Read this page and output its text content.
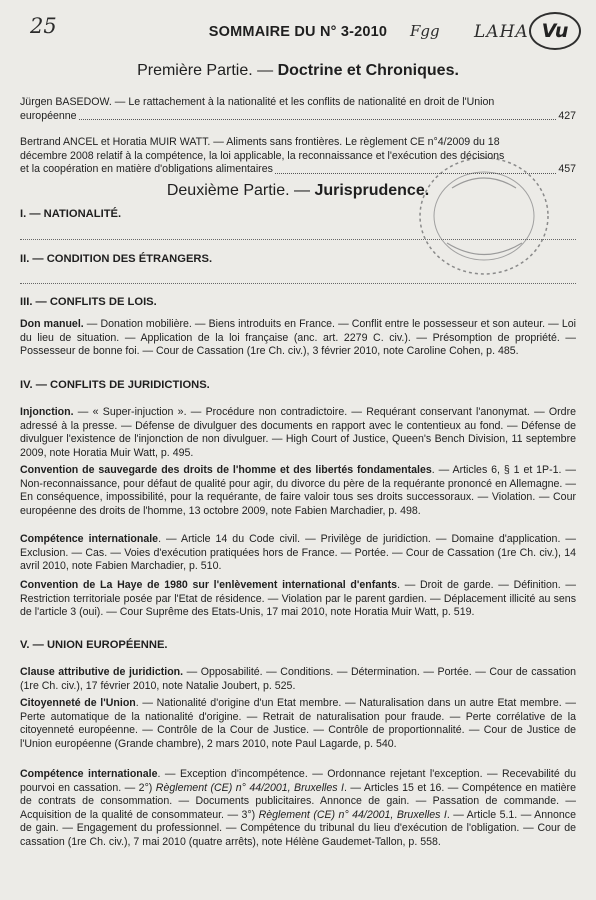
25	Fgg LAHA Vu
SOMMAIRE DU N° 3-2010
Première Partie. — Doctrine et Chroniques.
Jürgen BASEDOW. — Le rattachement à la nationalité et les conflits de nationalité en droit de l'Union
européenne	427
Bertrand ANCEL et Horatia MUIR WATT. — Aliments sans frontières. Le règlement CE n°4/2009 du 18
décembre 2008 relatif à la compétence, la loi applicable, la reconnaissance et l'exécution des décisions
et la coopération en matière d'obligations alimentaires	457
Deuxième Partie. — Jurisprudence.
I. — NATIONALITÉ.
II. — CONDITION DES ÉTRANGERS.
III. — CONFLITS DE LOIS.
Don manuel. — Donation mobilière. — Biens introduits en France. — Conflit entre le possesseur et son auteur. — Loi du lieu de situation. — Application de la loi française (anc. art. 2279 C. civ.). — Présomption de propriété. — Possesseur de bonne foi. — Cour de Cassation (1re Ch. civ.), 3 février 2010, note Caroline Cohen, p. 485.
IV. — CONFLITS DE JURIDICTIONS.
Injonction. — « Super-injuction ». — Procédure non contradictoire. — Requérant conservant l'anonymat. — Ordre adressé à la presse. — Défense de divulguer des documents en rapport avec le contentieux au fond. — Défense de divulguer l'existence de l'injonction de non divulguer. — High Court of Justice, Queen's Bench Division, 11 septembre 2009, note Horatia Muir Watt, p. 495.
Convention de sauvegarde des droits de l'homme et des libertés fondamentales. — Articles 6, § 1 et 1P-1. — Non-reconnaissance, pour défaut de qualité pour agir, du divorce du père de la requérante prononcé en Allemagne. — En conséquence, impossibilité, pour la requérante, de faire valoir tous ses droits successoraux. — Violation. — Cour européenne des droits de l'homme, 13 octobre 2009, note Fabien Marchadier, p. 498.
Compétence internationale. — Article 14 du Code civil. — Privilège de juridiction. — Domaine d'application. — Exclusion. — Cas. — Voies d'exécution pratiquées hors de France. — Portée. — Cour de Cassation (1re Ch. civ.), 14 avril 2010, note Fabien Marchadier, p. 510.
Convention de La Haye de 1980 sur l'enlèvement international d'enfants. — Droit de garde. — Définition. — Restriction territoriale posée par l'Etat de résidence. — Violation par le parent gardien. — Déplacement illicité au sens de l'article 3 (oui). — Cour Suprême des Etats-Unis, 17 mai 2010, note Horatia Muir Watt, p. 519.
V. — UNION EUROPÉENNE.
Clause attributive de juridiction. — Opposabilité. — Conditions. — Détermination. — Portée. — Cour de cassation (1re Ch. civ.), 17 février 2010, note Natalie Joubert, p. 525.
Citoyenneté de l'Union. — Nationalité d'origine d'un Etat membre. — Naturalisation dans un autre Etat membre. — Perte automatique de la nationalité d'origine. — Retrait de naturalisation pour fraude. — Perte corrélative de la citoyenneté européenne. — Contrôle de la Cour de Justice. — Contrôle de proportionnalité. — Cour de Justice de l'Union européenne (Grande chambre), 2 mars 2010, note Paul Lagarde, p. 540.
Compétence internationale. — Exception d'incompétence. — Ordonnance rejetant l'exception. — Recevabilité du pourvoi en cassation. — 2°) Règlement (CE) n° 44/2001, Bruxelles I. — Articles 15 et 16. — Compétence en matière de contrats de consommation. — Documents publicitaires. Annonce de gain. — Passation de commande. — Acquisition de la qualité de consommateur. — 3°) Règlement (CE) n° 44/2001, Bruxelles I. — Article 5.1. — Annonce de gain. — Engagement du professionnel. — Compétence du tribunal du lieu d'exécution de l'obligation. — Cour de cassation (1re Ch. civ.), 7 mai 2010 (quatre arrêts), note Hélène Gaudemet-Tallon, p. 558.
